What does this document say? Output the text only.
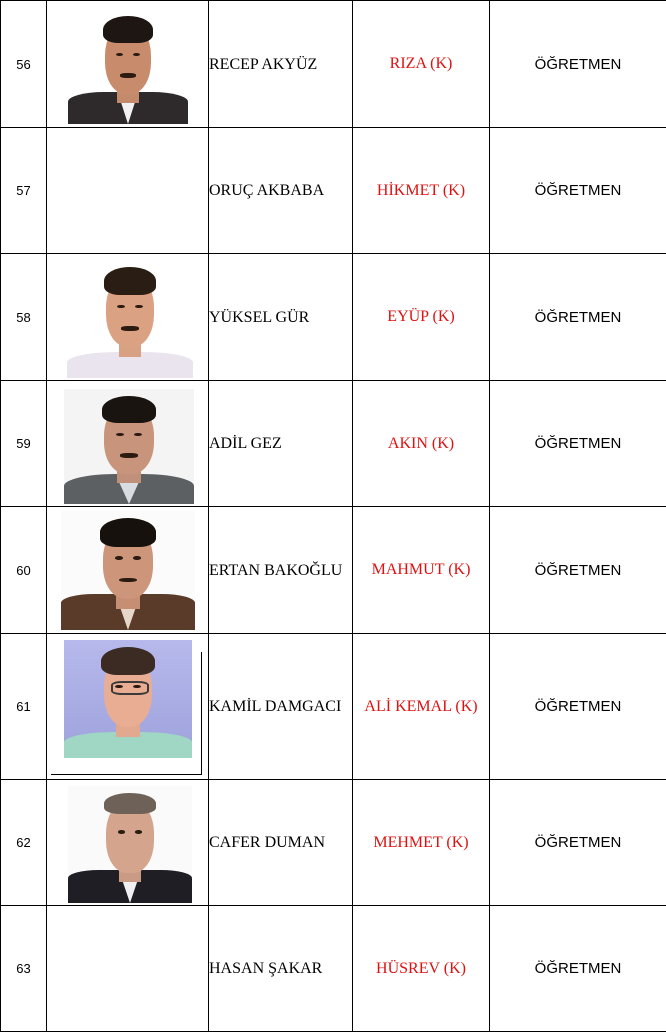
56		RECEP AKYÜZ	RIZA (K)	ÖĞRETMEN
57		ORUÇ AKBABA	HİKMET (K)	ÖĞRETMEN
58		YÜKSEL GÜR	EYÜP (K)	ÖĞRETMEN
59		ADİL GEZ	AKIN (K)	ÖĞRETMEN
60		ERTAN BAKOĞLU	MAHMUT (K)	ÖĞRETMEN
61		KAMİL DAMGACI	ALİ KEMAL (K)	ÖĞRETMEN
62		CAFER DUMAN	MEHMET (K)	ÖĞRETMEN
63		HASAN ŞAKAR	HÜSREV (K)	ÖĞRETMEN
